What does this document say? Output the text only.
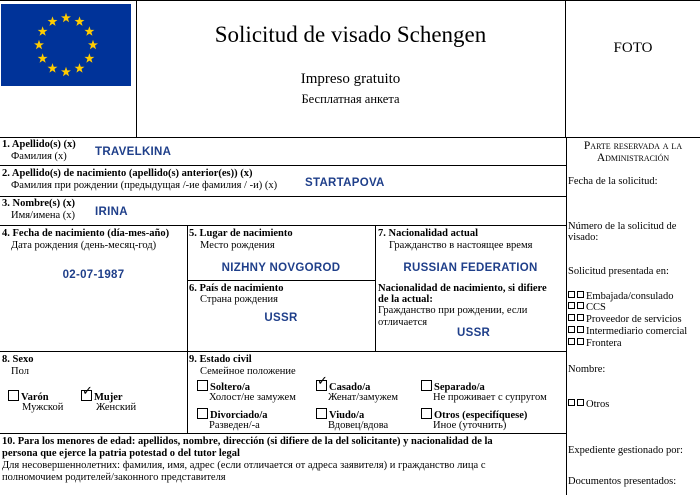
Solicitud de visado Schengen
Impreso gratuito
Бесплатная анкета
FOTO
Parte reservada a la
Administración
Fecha de la solicitud:
Número de la solicitud de
visado:
Solicitud presentada en:
Embajada/consulado
CCS
Proveedor de servicios
Intermediario comercial
Frontera
Nombre:
Otros
Expediente gestionado por:
Documentos presentados:
1. Apellido(s) (x)
Фамилия (x) TRAVELKINA
2. Apellido(s) de nacimiento (apellido(s) anterior(es)) (x)
Фамилия при рождении (предыдущая /-ие фамилия / -и) (x) STARTAPOVA
3. Nombre(s) (x)
Имя/имена (x) IRINA
4. Fecha de nacimiento (día-mes-año)
Дата рождения (день-месяц-год)
02-07-1987
5. Lugar de nacimiento
Место рождения
NIZHNY NOVGOROD
6. País de nacimiento
Страна рождения
USSR
7. Nacionalidad actual
Гражданство в настоящее время
RUSSIAN FEDERATION
Nacionalidad de nacimiento, si difiere
de la actual:
Гражданство при рождении, если
отличается
USSR
8. Sexo
Пол
Varón
Мужской
✓Mujer
Женский
9. Estado civil
Семейное положение
Soltero/a
Холост/не замужем
✓Casado/a
Женат/замужем
Separado/a
Не проживает с супругом
Divorciado/a
Разведен/-а
Viudo/a
Вдовец/вдова
Otros (especifíquese)
Иное (уточнить)
10. Para los menores de edad: apellidos, nombre, dirección (si difiere de la del solicitante) y nacionalidad de la
persona que ejerce la patria potestad o del tutor legal
Для несовершеннолетних: фамилия, имя, адрес (если отличается от адреса заявителя) и гражданство лица с
полномочием родителей/законного представителя
